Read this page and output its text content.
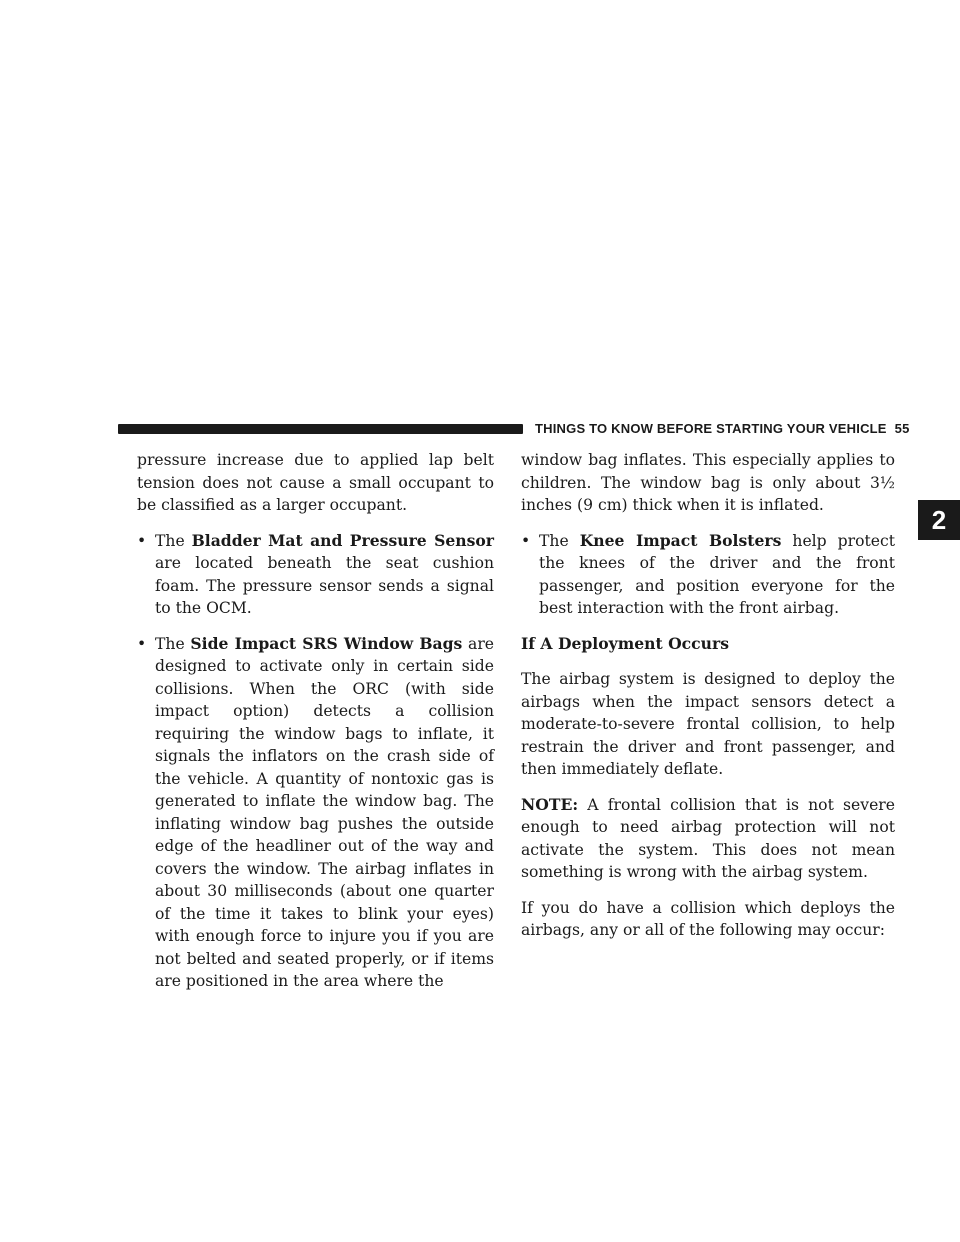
THINGS TO KNOW BEFORE STARTING YOUR VEHICLE 55
2

pressure increase due to applied lap belt tension does not cause a small occupant to be classified as a larger occupant.

• The Bladder Mat and Pressure Sensor are located beneath the seat cushion foam. The pressure sensor sends a signal to the OCM.

• The Side Impact SRS Window Bags are designed to activate only in certain side collisions. When the ORC (with side impact option) detects a collision requiring the window bags to inflate, it signals the inflators on the crash side of the vehicle. A quantity of nontoxic gas is generated to inflate the window bag. The inflating window bag pushes the outside edge of the headliner out of the way and covers the window. The airbag inflates in about 30 milliseconds (about one quarter of the time it takes to blink your eyes) with enough force to injure you if you are not belted and seated properly, or if items are positioned in the area where the

window bag inflates. This especially applies to children. The window bag is only about 3½ inches (9 cm) thick when it is inflated.

• The Knee Impact Bolsters help protect the knees of the driver and the front passenger, and position everyone for the best interaction with the front airbag.

If A Deployment Occurs

The airbag system is designed to deploy the airbags when the impact sensors detect a moderate-to-severe frontal collision, to help restrain the driver and front passenger, and then immediately deflate.

NOTE: A frontal collision that is not severe enough to need airbag protection will not activate the system. This does not mean something is wrong with the airbag system.

If you do have a collision which deploys the airbags, any or all of the following may occur:
